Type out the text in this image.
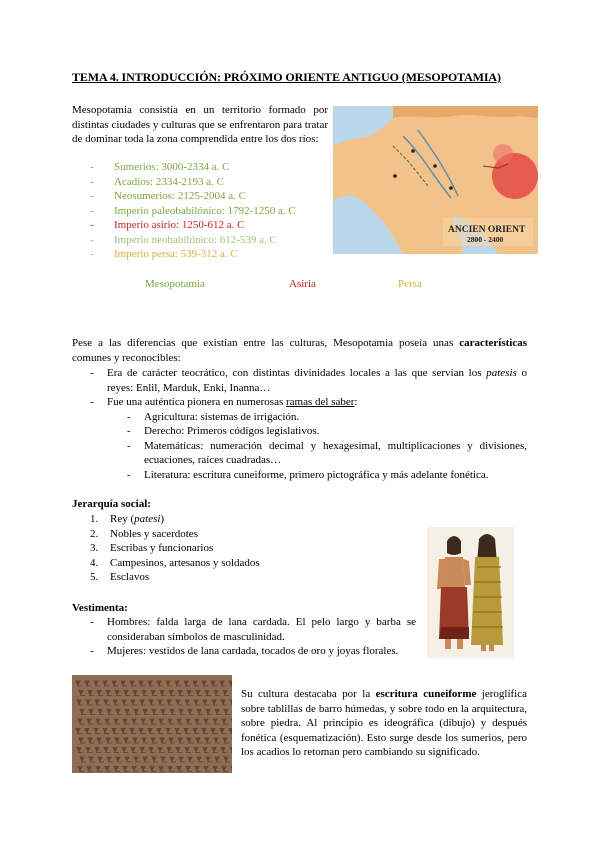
TEMA 4. INTRODUCCIÓN: PRÓXIMO ORIENTE ANTIGUO (MESOPOTAMIA)
Mesopotamia consistía en un territorio formado por distintas ciudades y culturas que se enfrentaron para tratar de dominar toda la zona comprendida entre los dos ríos:
- Sumerios: 3000-2334 a. C
- Acadios: 2334-2193 a. C
- Neosumerios: 2125-2004 a. C
- Imperio paleobabilónico: 1792-1250 a. C
- Imperio asirio: 1250-612 a. C
- Imperio neobabilónico: 612-539 a. C
- Imperio persa: 539-312 a. C
Mesopotamia	Asiria	Persa
ANCIEN ORIENT
2800 - 2400
Pese a las diferencias que existían entre las culturas, Mesopotamia poseía unas características comunes y reconocibles:
-	Era de carácter teocrático, con distintas divinidades locales a las que servían los patesis o reyes: Enlil, Marduk, Enki, Inanna…
-	Fue una auténtica pionera en numerosas ramas del saber:
-	Agricultura: sistemas de irrigación.
-	Derecho: Primeros códigos legislativos.
-	Matemáticas: numeración decimal y hexagesimal, multiplicaciones y divisiones, ecuaciones, raíces cuadradas…
-	Literatura: escritura cuneiforme, primero pictográfica y más adelante fonética.
Jerarquía social:
1.	Rey (patesi)
2.	Nobles y sacerdotes
3.	Escribas y funcionarios
4.	Campesinos, artesanos y soldados
5.	Esclavos
Vestimenta:
-	Hombres: falda larga de lana cardada. El pelo largo y barba se consideraban símbolos de masculinidad.
-	Mujeres: vestidos de lana cardada, tocados de oro y joyas florales.
Su cultura destacaba por la escritura cuneiforme jeroglífica sobre tablillas de barro húmedas, y sobre todo en la arquitectura, sobre piedra. Al principio es ideográfica (dibujo) y después fonética (esquematización). Esto surge desde los sumerios, pero los acadios lo retoman pero cambiando su significado.
